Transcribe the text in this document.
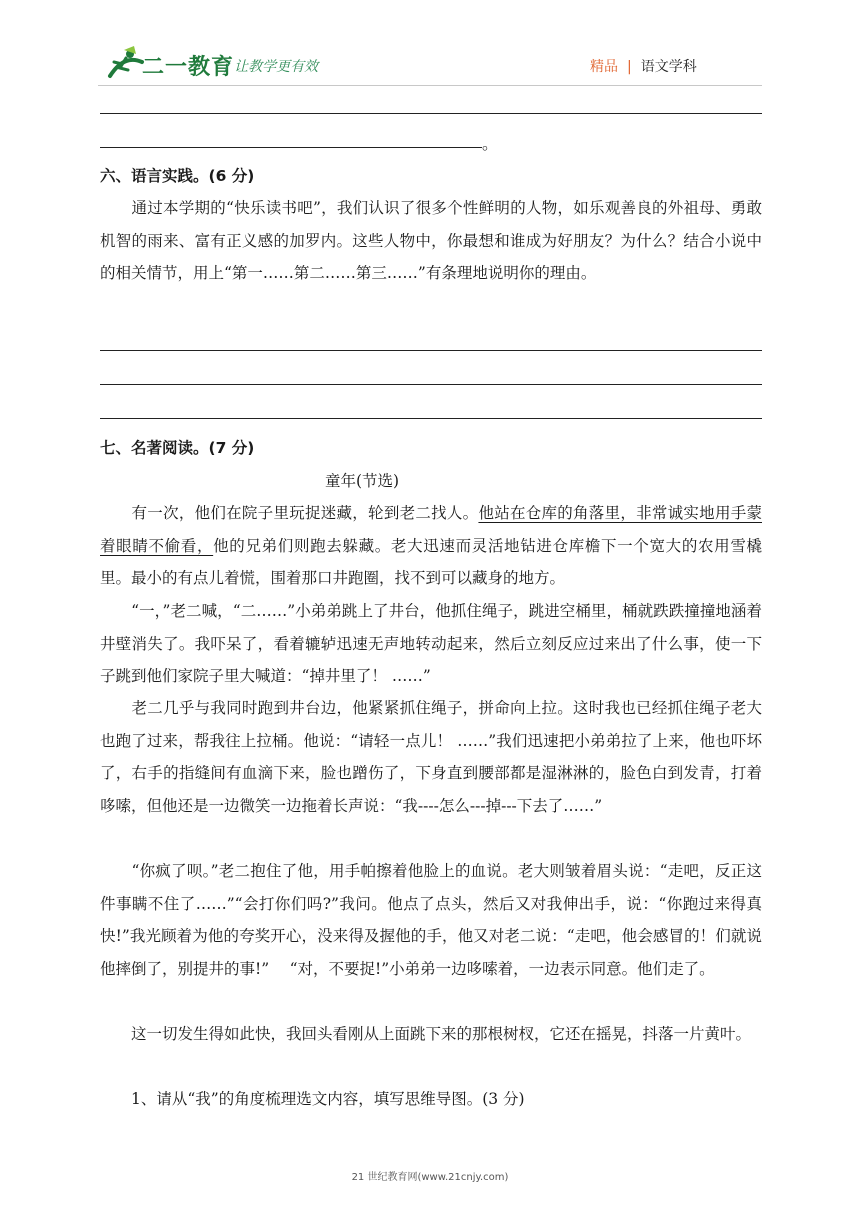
二一教育
/ 让教学更有效	精品 | 语文学科
。
六、语言实践。(6 分)

　　通过本学期的“快乐读书吧”，我们认识了很多个性鲜明的人物，如乐观善良的外祖母、勇敢机智的雨来、富有正义感的加罗内。这些人物中，你最想和谁成为好朋友？为什么？结合小说中的相关情节，用上“第一……第二……第三……”有条理地说明你的理由。

七、名著阅读。(7 分)
童年(节选)

　　有一次，他们在院子里玩捉迷藏，轮到老二找人。他站在仓库的角落里，非常诚实地用手蒙着眼睛不偷看，他的兄弟们则跑去躲藏。老大迅速而灵活地钻进仓库檐下一个宽大的农用雪橇里。最小的有点儿着慌，围着那口井跑圈，找不到可以藏身的地方。

　　“一，”老二喊，“二……”小弟弟跳上了井台，他抓住绳子，跳进空桶里，桶就跌跌撞撞地涵着井壁消失了。我吓呆了，看着辘轳迅速无声地转动起来，然后立刻反应过来出了什么事，使一下子跳到他们家院子里大喊道：“掉井里了！ ……”

　　老二几乎与我同时跑到井台边，他紧紧抓住绳子，拼命向上拉。这时我也已经抓住绳子老大也跑了过来，帮我往上拉桶。他说：“请轻一点儿！ ……”我们迅速把小弟弟拉了上来，他也吓坏了，右手的指缝间有血滴下来，脸也蹭伤了，下身直到腰部都是湿淋淋的，脸色白到发青，打着哆嗦，但他还是一边微笑一边拖着长声说：“我----怎么---掉---下去了……”

　　“你疯了呗。”老二抱住了他，用手帕擦着他脸上的血说。老大则皱着眉头说：“走吧，反正这件事瞒不住了……”“会打你们吗?”我问。他点了点头，然后又对我伸出手，说：“你跑过来得真快!”我光顾着为他的夸奖开心，没来得及握他的手，他又对老二说：“走吧，他会感冒的！们就说他摔倒了，别提井的事!”　 “对，不要捉!”小弟弟一边哆嗦着，一边表示同意。他们走了。

　　这一切发生得如此快，我回头看刚从上面跳下来的那根树杈，它还在摇晃，抖落一片黄叶。

　　1、请从“我”的角度梳理选文内容，填写思维导图。(3 分)

21 世纪教育网(www.21cnjy.com)
